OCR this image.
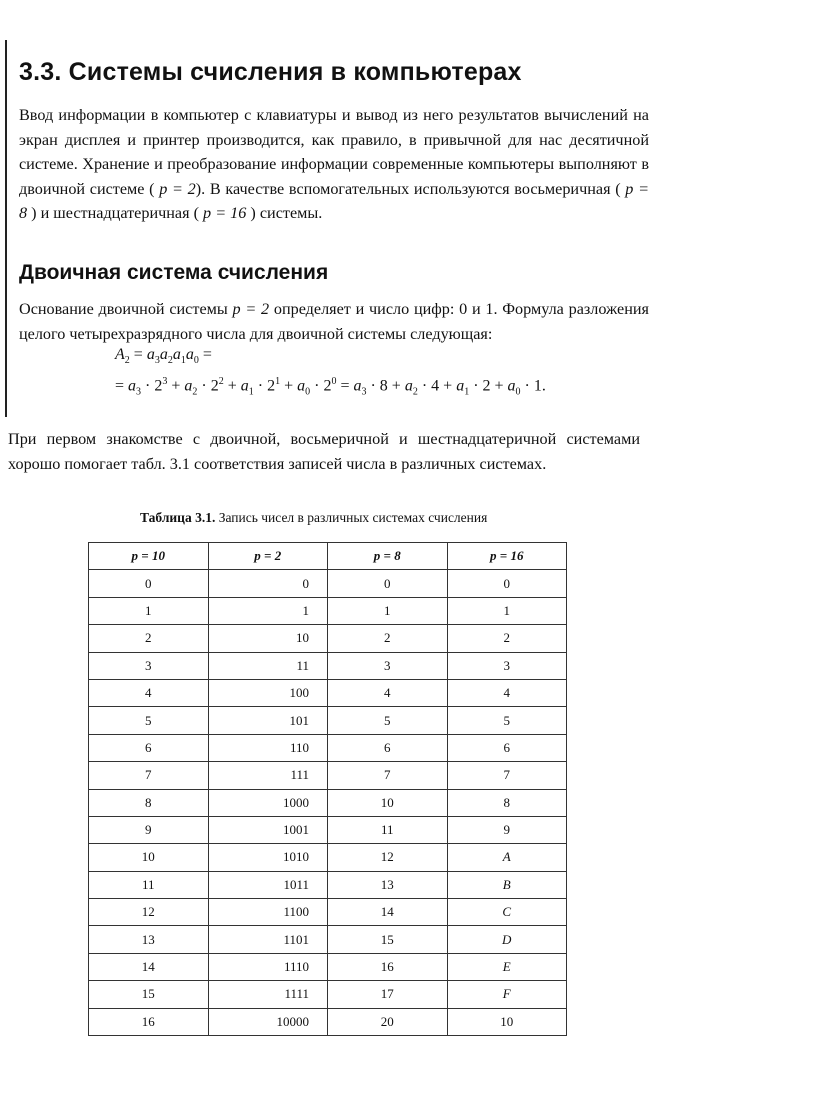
3.3. Системы счисления в компьютерах

Ввод информации в компьютер с клавиатуры и вывод из него результатов вычислений на экран дисплея и принтер производится, как правило, в привычной для нас десятичной системе. Хранение и преобразование информации современные компьютеры выполняют в двоичной системе ( p = 2). В качестве вспомогательных используются восьмеричная ( p = 8 ) и шестнадцатеричная ( p = 16 ) системы.

Двоичная система счисления

Основание двоичной системы p = 2 определяет и число цифр: 0 и 1. Формула разложения целого четырехразрядного числа для двоичной системы следующая:

$A_2 = a_3a_2a_1a_0$ =
= $a_3 \cdot 2^3 + a_2 \cdot 2^2 + a_1 \cdot 2^1 + a_0 \cdot 2^0 = a_3 \cdot 8 + a_2 \cdot 4 + a_1 \cdot 2 + a_0 \cdot 1$.

При первом знакомстве с двоичной, восьмеричной и шестнадцатеричной системами хорошо помогает табл. 3.1 соответствия записей числа в различных системах.

Таблица 3.1. Запись чисел в различных системах счисления
p = 10	p = 2	p = 8	p = 16
0	0	0	0
1	1	1	1
2	10	2	2
3	11	3	3
4	100	4	4
5	101	5	5
6	110	6	6
7	111	7	7
8	1000	10	8
9	1001	11	9
10	1010	12	A
11	1011	13	B
12	1100	14	C
13	1101	15	D
14	1110	16	E
15	1111	17	F
16	10000	20	10
